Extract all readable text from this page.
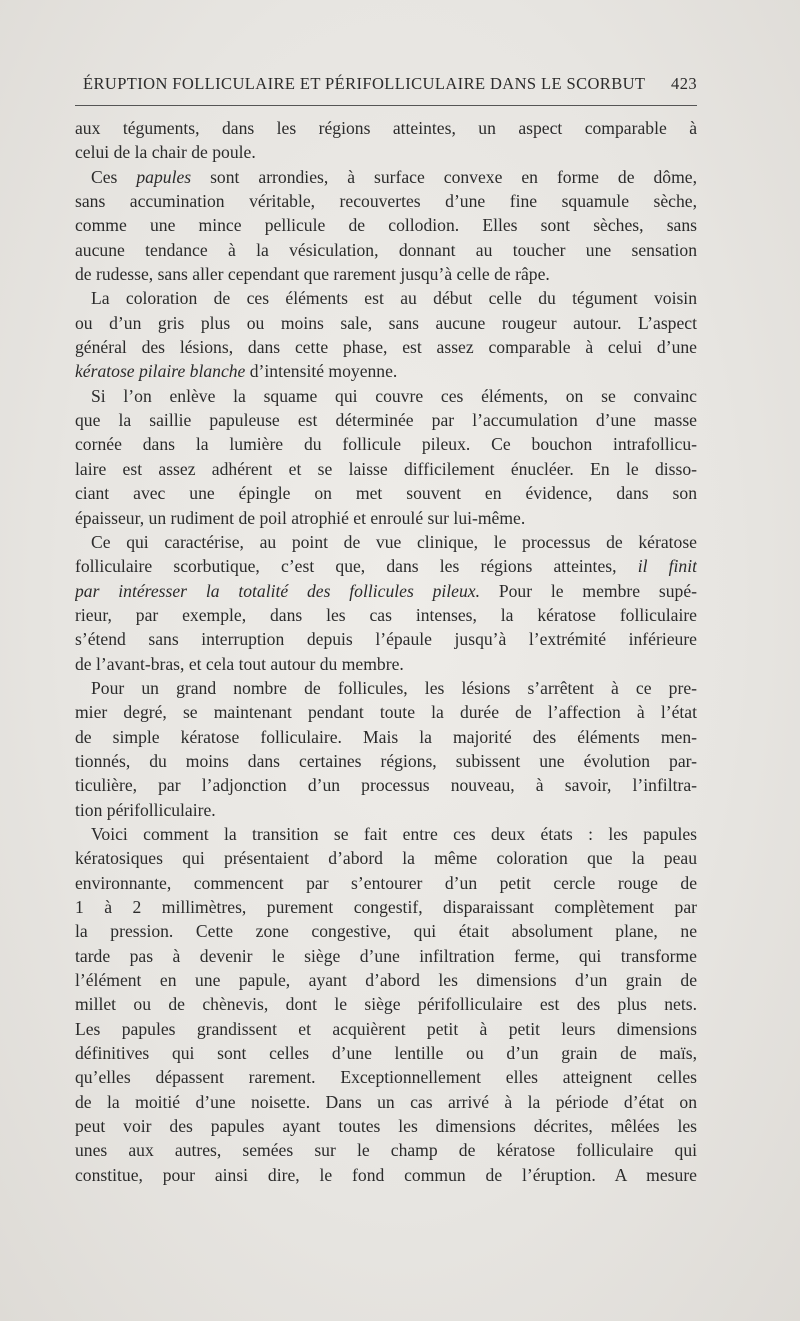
ÉRUPTION FOLLICULAIRE ET PÉRIFOLLICULAIRE DANS LE SCORBUT 423
aux téguments, dans les régions atteintes, un aspect comparable à
celui de la chair de poule.
Ces papules sont arrondies, à surface convexe en forme de dôme,
sans accumination véritable, recouvertes d’une fine squamule sèche,
comme une mince pellicule de collodion. Elles sont sèches, sans
aucune tendance à la vésiculation, donnant au toucher une sensation
de rudesse, sans aller cependant que rarement jusqu’à celle de râpe.
La coloration de ces éléments est au début celle du tégument voisin
ou d’un gris plus ou moins sale, sans aucune rougeur autour. L’aspect
général des lésions, dans cette phase, est assez comparable à celui d’une
kératose pilaire blanche d’intensité moyenne.
Si l’on enlève la squame qui couvre ces éléments, on se convainc
que la saillie papuleuse est déterminée par l’accumulation d’une masse
cornée dans la lumière du follicule pileux. Ce bouchon intrafollicu-
laire est assez adhérent et se laisse difficilement énucléer. En le disso-
ciant avec une épingle on met souvent en évidence, dans son
épaisseur, un rudiment de poil atrophié et enroulé sur lui-même.
Ce qui caractérise, au point de vue clinique, le processus de kératose
folliculaire scorbutique, c’est que, dans les régions atteintes, il finit
par intéresser la totalité des follicules pileux. Pour le membre supé-
rieur, par exemple, dans les cas intenses, la kératose folliculaire
s’étend sans interruption depuis l’épaule jusqu’à l’extrémité inférieure
de l’avant-bras, et cela tout autour du membre.
Pour un grand nombre de follicules, les lésions s’arrêtent à ce pre-
mier degré, se maintenant pendant toute la durée de l’affection à l’état
de simple kératose folliculaire. Mais la majorité des éléments men-
tionnés, du moins dans certaines régions, subissent une évolution par-
ticulière, par l’adjonction d’un processus nouveau, à savoir, l’infiltra-
tion périfolliculaire.
Voici comment la transition se fait entre ces deux états : les papules
kératosiques qui présentaient d’abord la même coloration que la peau
environnante, commencent par s’entourer d’un petit cercle rouge de
1 à 2 millimètres, purement congestif, disparaissant complètement par
la pression. Cette zone congestive, qui était absolument plane, ne
tarde pas à devenir le siège d’une infiltration ferme, qui transforme
l’élément en une papule, ayant d’abord les dimensions d’un grain de
millet ou de chènevis, dont le siège périfolliculaire est des plus nets.
Les papules grandissent et acquièrent petit à petit leurs dimensions
définitives qui sont celles d’une lentille ou d’un grain de maïs,
qu’elles dépassent rarement. Exceptionnellement elles atteignent celles
de la moitié d’une noisette. Dans un cas arrivé à la période d’état on
peut voir des papules ayant toutes les dimensions décrites, mêlées les
unes aux autres, semées sur le champ de kératose folliculaire qui
constitue, pour ainsi dire, le fond commun de l’éruption. A mesure
